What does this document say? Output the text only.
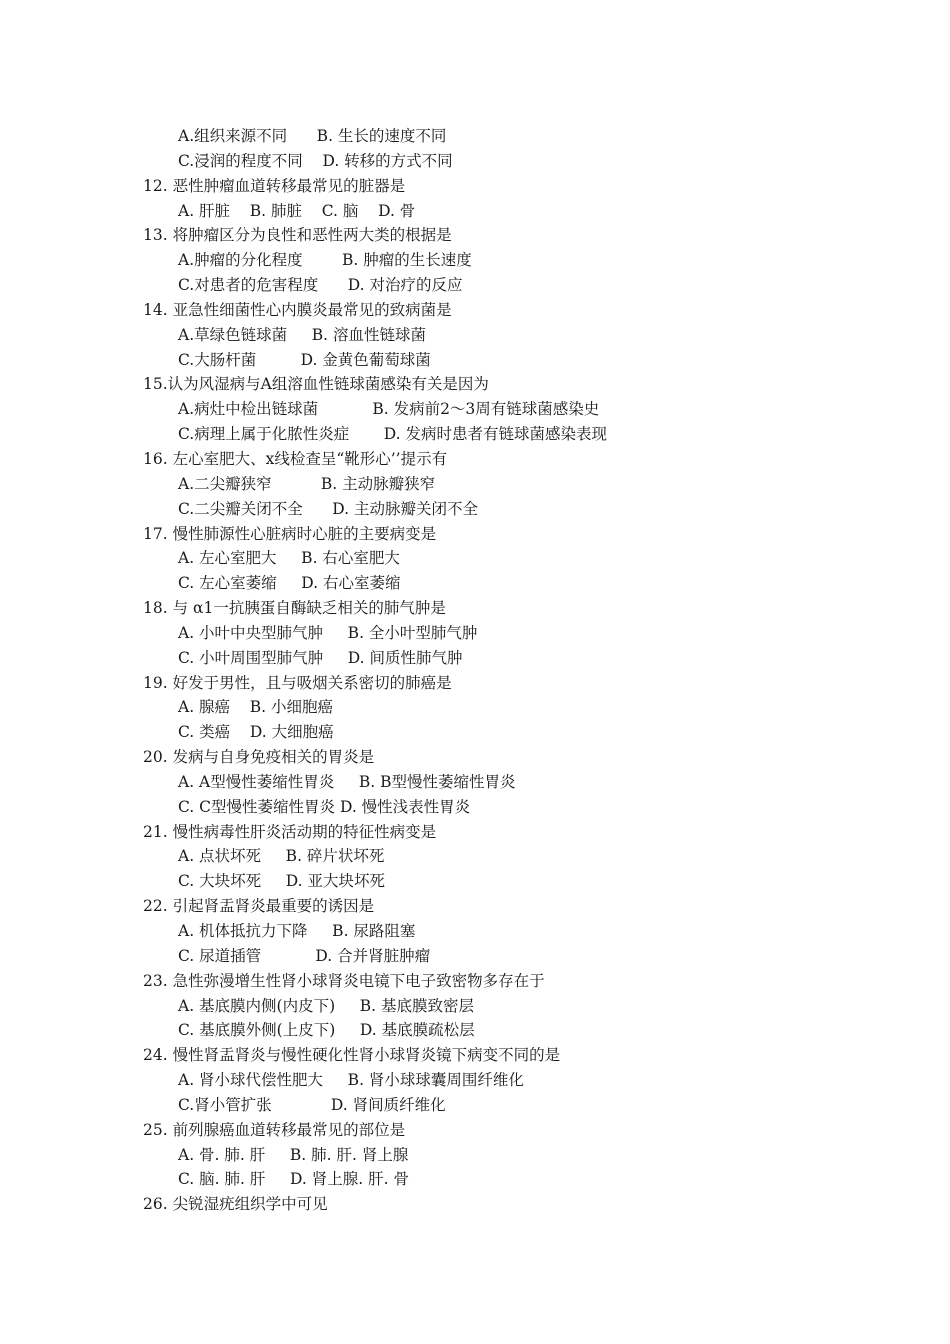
A.组织来源不同      B. 生长的速度不同
C.浸润的程度不同    D. 转移的方式不同
12. 恶性肿瘤血道转移最常见的脏器是
A. 肝脏    B. 肺脏    C. 脑    D. 骨
13. 将肿瘤区分为良性和恶性两大类的根据是
A.肿瘤的分化程度        B. 肿瘤的生长速度
C.对患者的危害程度      D. 对治疗的反应
14. 亚急性细菌性心内膜炎最常见的致病菌是
A.草绿色链球菌     B. 溶血性链球菌
C.大肠杆菌         D. 金黄色葡萄球菌
15.认为风湿病与A组溶血性链球菌感染有关是因为
A.病灶中检出链球菌           B. 发病前2～3周有链球菌感染史
C.病理上属于化脓性炎症       D. 发病时患者有链球菌感染表现
16. 左心室肥大、x线检查呈“靴形心’’提示有
A.二尖瓣狭窄          B. 主动脉瓣狭窄
C.二尖瓣关闭不全      D. 主动脉瓣关闭不全
17. 慢性肺源性心脏病时心脏的主要病变是
A. 左心室肥大     B. 右心室肥大
C. 左心室萎缩     D. 右心室萎缩
18. 与 α1一抗胰蛋自酶缺乏相关的肺气肿是
A. 小叶中央型肺气肿     B. 全小叶型肺气肿
C. 小叶周围型肺气肿     D. 间质性肺气肿
19. 好发于男性，且与吸烟关系密切的肺癌是
A. 腺癌    B. 小细胞癌
C. 类癌    D. 大细胞癌
20. 发病与自身免疫相关的胃炎是
A. A型慢性萎缩性胃炎     B. B型慢性萎缩性胃炎
C. C型慢性萎缩性胃炎 D. 慢性浅表性胃炎
21. 慢性病毒性肝炎活动期的特征性病变是
A. 点状坏死     B. 碎片状坏死
C. 大块坏死     D. 亚大块坏死
22. 引起肾盂肾炎最重要的诱因是
A. 机体抵抗力下降     B. 尿路阻塞
C. 尿道插管           D. 合并肾脏肿瘤
23. 急性弥漫增生性肾小球肾炎电镜下电子致密物多存在于
A. 基底膜内侧(内皮下)     B. 基底膜致密层
C. 基底膜外侧(上皮下)     D. 基底膜疏松层
24. 慢性肾盂肾炎与慢性硬化性肾小球肾炎镜下病变不同的是
A. 肾小球代偿性肥大     B. 肾小球球囊周围纤维化
C.肾小管扩张            D. 肾间质纤维化
25. 前列腺癌血道转移最常见的部位是
A. 骨. 肺. 肝     B. 肺. 肝. 肾上腺
C. 脑. 肺. 肝     D. 肾上腺. 肝. 骨
26. 尖锐湿疣组织学中可见
